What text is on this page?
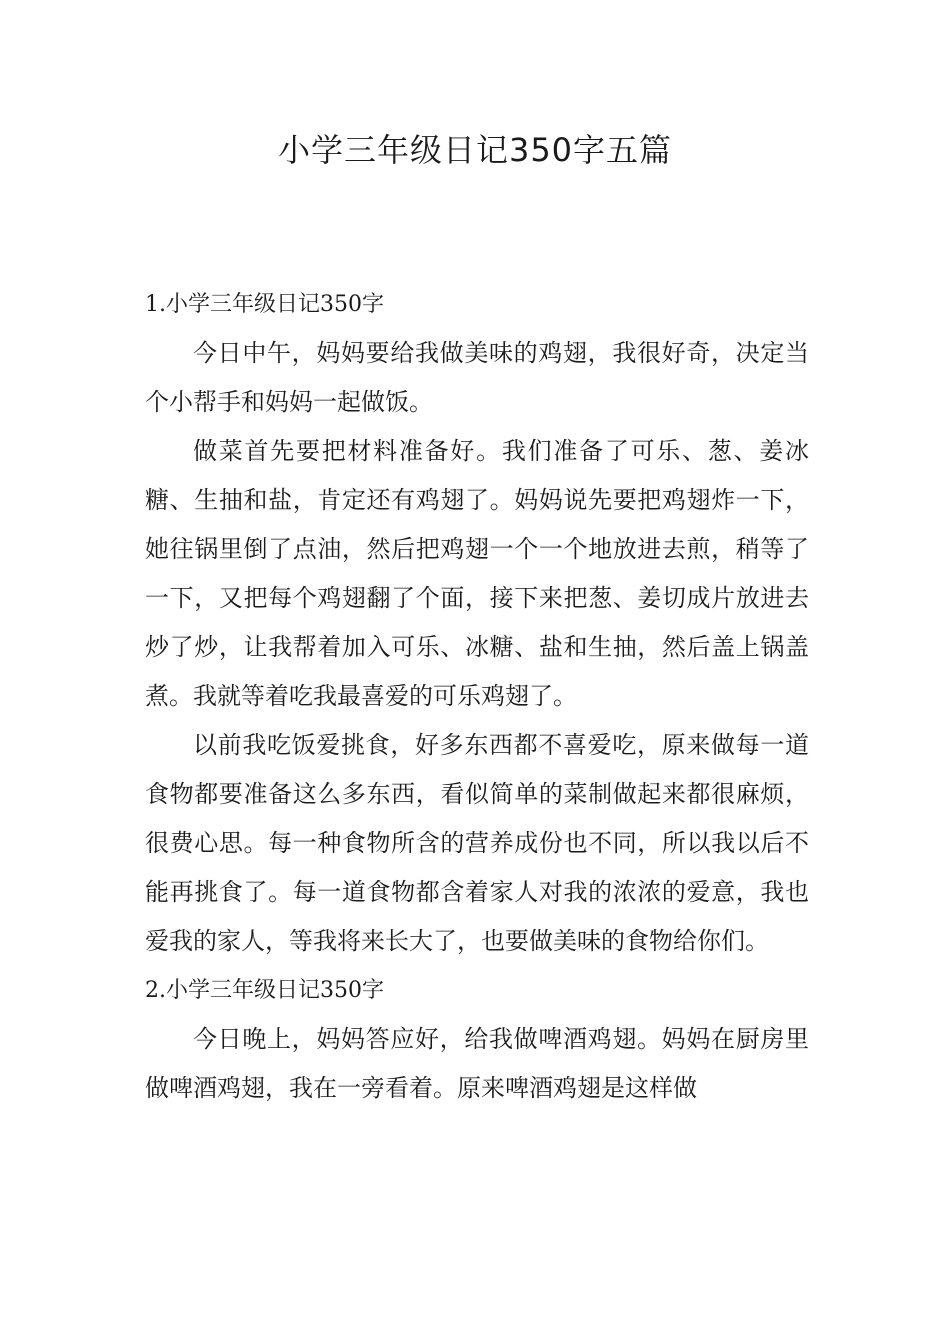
小学三年级日记350字五篇

1.小学三年级日记350字

今日中午，妈妈要给我做美味的鸡翅，我很好奇，决定当个小帮手和妈妈一起做饭。

做菜首先要把材料准备好。我们准备了可乐、葱、姜冰糖、生抽和盐，肯定还有鸡翅了。妈妈说先要把鸡翅炸一下，她往锅里倒了点油，然后把鸡翅一个一个地放进去煎，稍等了一下，又把每个鸡翅翻了个面，接下来把葱、姜切成片放进去炒了炒，让我帮着加入可乐、冰糖、盐和生抽，然后盖上锅盖煮。我就等着吃我最喜爱的可乐鸡翅了。

以前我吃饭爱挑食，好多东西都不喜爱吃，原来做每一道食物都要准备这么多东西，看似简单的菜制做起来都很麻烦，很费心思。每一种食物所含的营养成份也不同，所以我以后不能再挑食了。每一道食物都含着家人对我的浓浓的爱意，我也爱我的家人，等我将来长大了，也要做美味的食物给你们。

2.小学三年级日记350字

今日晚上，妈妈答应好，给我做啤酒鸡翅。妈妈在厨房里做啤酒鸡翅，我在一旁看着。原来啤酒鸡翅是这样做
